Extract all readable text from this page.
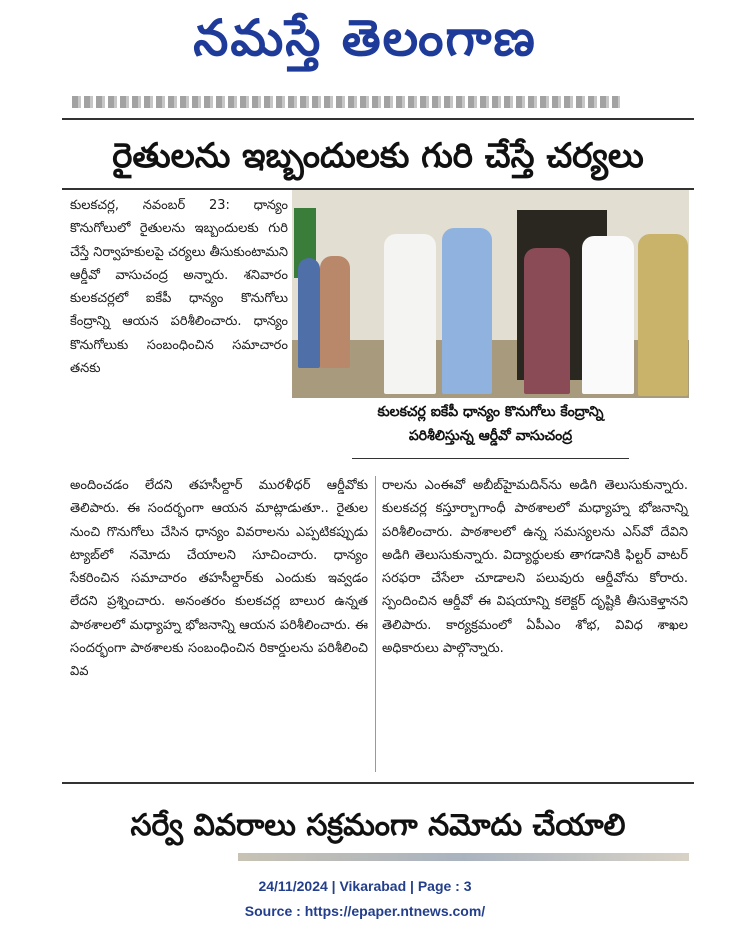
నమస్తే తెలంగాణ
రైతులను ఇబ్బందులకు గురి చేస్తే చర్యలు

కులకచర్ల, నవంబర్ 23: ధాన్యం కొనుగోలులో రైతులను ఇబ్బందులకు గురి చేస్తే నిర్వాహకులపై చర్యలు తీసుకుంటామని ఆర్డీవో వాసుచంద్ర అన్నారు. శనివారం కులకచర్లలో ఐకేపీ ధాన్యం కొనుగోలు కేంద్రాన్ని ఆయన పరిశీలించారు. ధాన్యం కొనుగోలుకు సంబంధించిన సమాచారం తనకు

కులకచర్ల ఐకేపీ ధాన్యం కొనుగోలు కేంద్రాన్ని
పరిశీలిస్తున్న ఆర్డీవో వాసుచంద్ర

అందించడం లేదని తహసీల్దార్ మురళీధర్ ఆర్డీవోకు తెలిపారు. ఈ సందర్భంగా ఆయన మాట్లాడుతూ.. రైతుల నుంచి గొనుగోలు చేసిన ధాన్యం వివరాలను ఎప్పటికప్పుడు ట్యాబ్‌లో నమోదు చేయాలని సూచించారు. ధాన్యం సేకరించిన సమాచారం తహసీల్దార్‌కు ఎందుకు ఇవ్వడం లేదని ప్రశ్నించారు. అనంతరం కులకచర్ల బాలుర ఉన్నత పాఠశాలలో మధ్యాహ్న భోజనాన్ని ఆయన పరిశీలించారు. ఈ సందర్భంగా పాఠశాలకు సంబంధించిన రికార్డులను పరిశీలించి వివ

రాలను ఎంఈవో అబీబ్‌హైమదిన్‌ను అడిగి తెలుసుకున్నారు. కులకచర్ల కస్తూర్బాగాంధీ పాఠశాలలో మధ్యాహ్న భోజనాన్ని పరిశీలించారు. పాఠశాలలో ఉన్న సమస్యలను ఎస్‌వో దేవిని అడిగి తెలుసుకున్నారు. విద్యార్థులకు తాగడానికి ఫిల్టర్ వాటర్ సరఫరా చేసేలా చూడాలని పలువురు ఆర్డీవోను కోరారు. స్పందించిన ఆర్డీవో ఈ విషయాన్ని కలెక్టర్ దృష్టికి తీసుకెళ్తానని తెలిపారు. కార్యక్రమంలో ఏపీఎం శోభ, వివిధ శాఖల అధికారులు పాల్గొన్నారు.

సర్వే వివరాలు సక్రమంగా నమోదు చేయాలి
24/11/2024 | Vikarabad | Page : 3
Source : https://epaper.ntnews.com/
